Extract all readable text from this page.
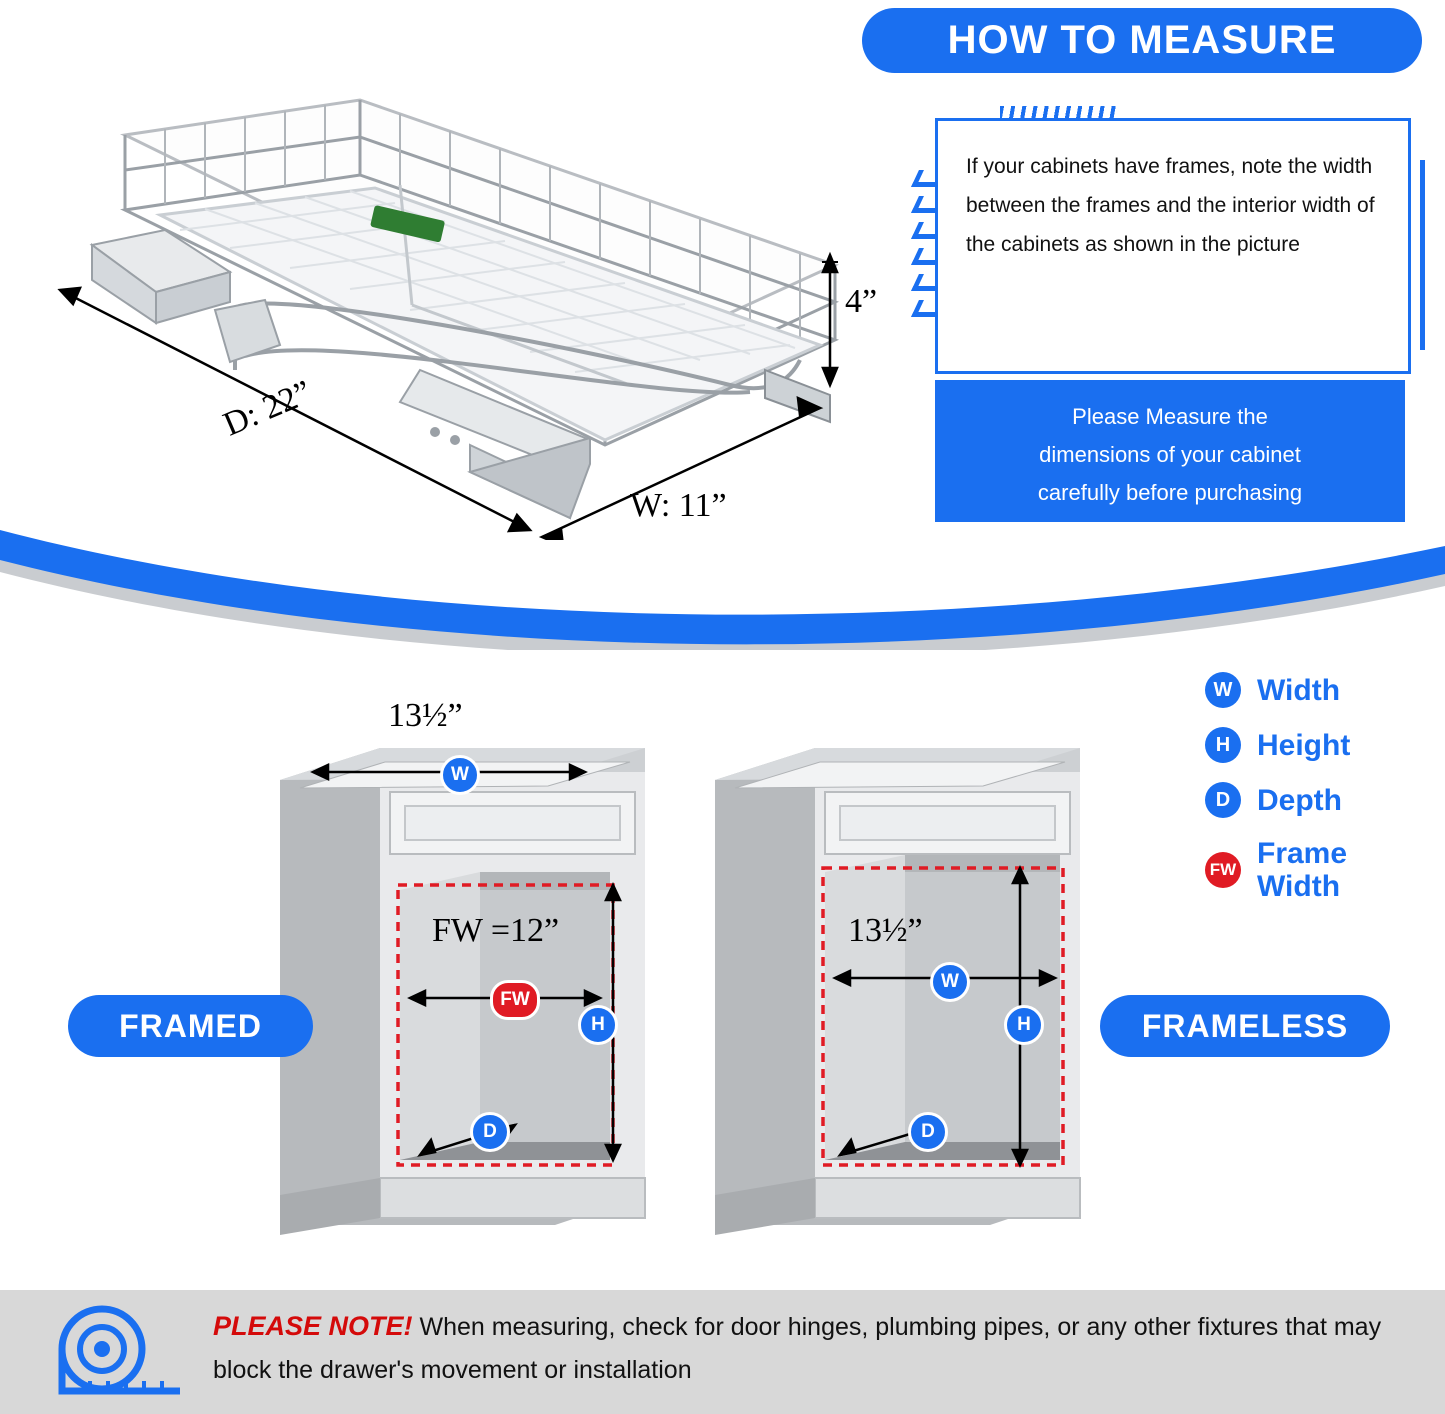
D: 22”
W: 11”
4”
HOW TO MEASURE
If your cabinets have frames, note the width between the frames and the interior width of the cabinets as shown in the picture

Please Measure the

dimensions of your cabinet

carefully before purchasing

13½”
FW =12”
W
FW
H
D
FRAMED
13½”
W
H
D
FRAMELESS
W Width
H Height
D Depth
FW Frame Width
PLEASE NOTE! When measuring, check for door hinges, plumbing pipes, or any other fixtures that may block the drawer's movement or installation
